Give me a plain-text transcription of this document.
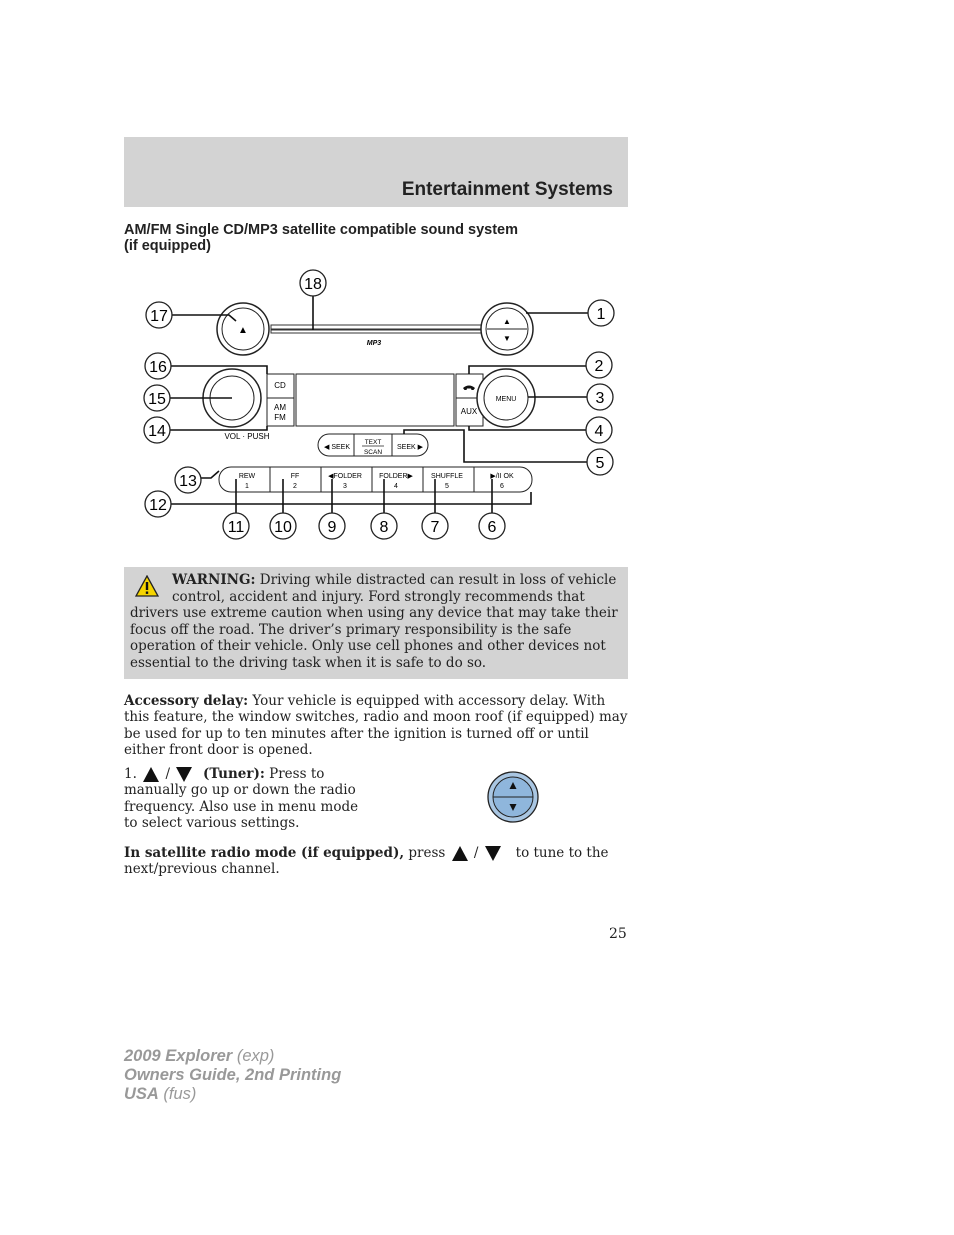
Entertainment Systems
AM/FM Single CD/MP3 satellite compatible sound system
(if equipped)
MP3
▲
▲
▼
VOL · PUSH
CD
AM
FM
AUX
MENU
◀ SEEK
TEXT
SCAN
SEEK ▶
REW
1
FF
2
◀FOLDER
3
FOLDER▶
4
SHUFFLE
5
▶/II OK
6
18
17	1
16	2
15	3
14	4
5
13
12
11 10 9	8	7	6
WARNING: Driving while distracted can result in loss of vehicle
control, accident and injury. Ford strongly recommends that
drivers use extreme caution when using any device that may take their focus off the road. The driver’s primary responsibility is the safe operation of their vehicle. Only use cell phones and other devices not essential to the driving task when it is safe to do so.
Accessory delay: Your vehicle is equipped with accessory delay. With this feature, the window switches, radio and moon roof (if equipped) may be used for up to ten minutes after the ignition is turned off or until either front door is opened.
1. / (Tuner): Press to manually go up or down the radio frequency. Also use in menu mode to select various settings.
In satellite radio mode (if equipped), press /	to tune to the
next/previous channel.
25
2009 Explorer (exp)
Owners Guide, 2nd Printing
USA (fus)
